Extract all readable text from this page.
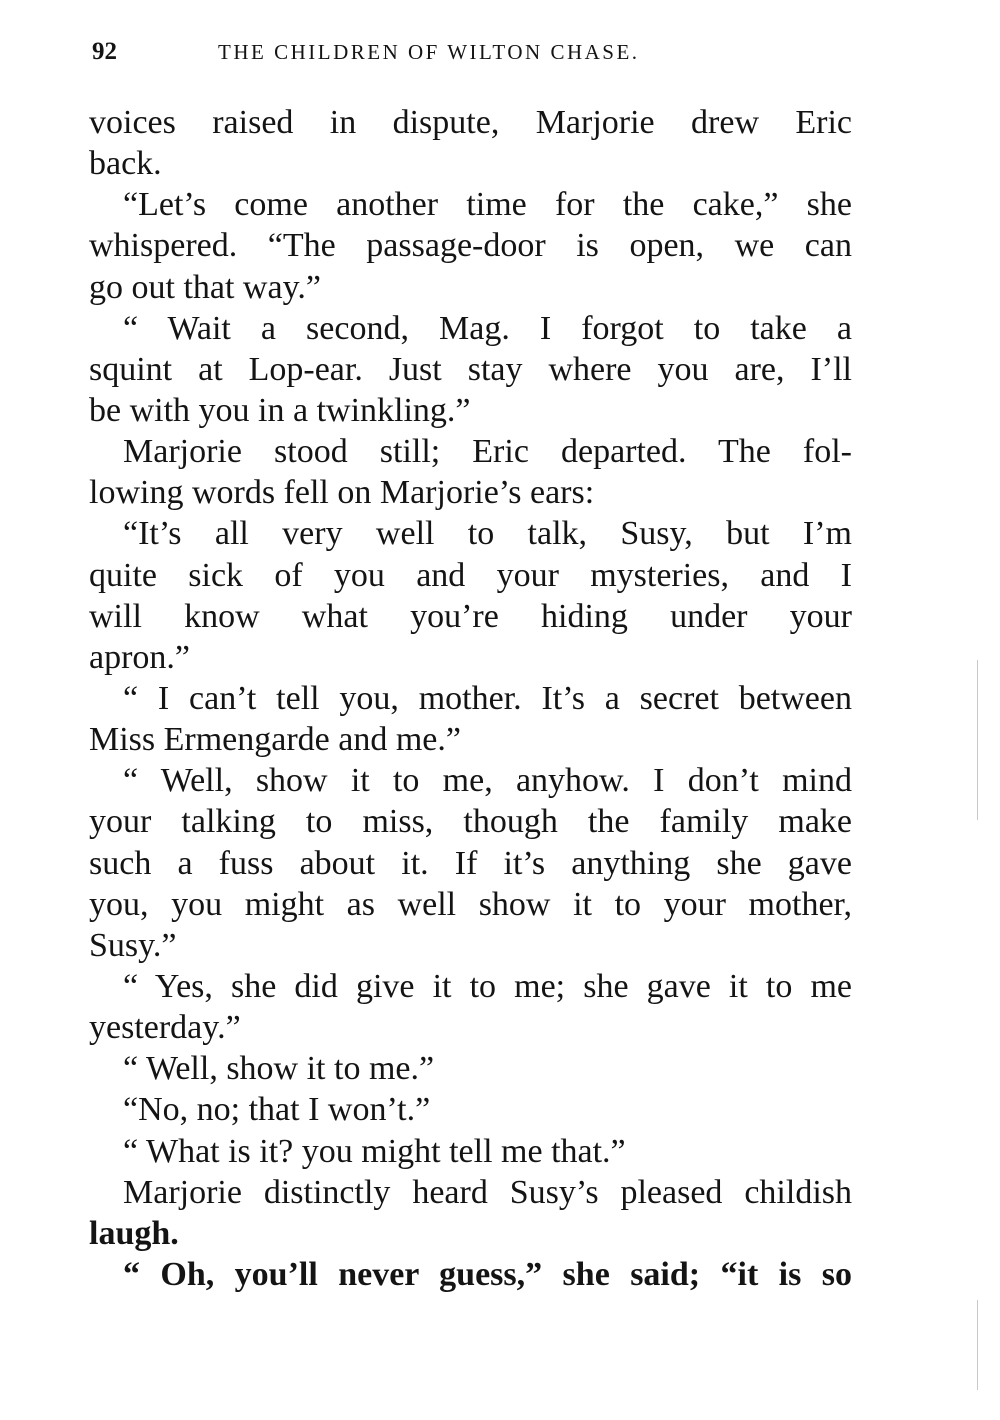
92	THE CHILDREN OF WILTON CHASE.
voices raised in dispute, Marjorie drew Eric
back.
“Let’s come another time for the cake,” she
whispered. “The passage-door is open, we can
go out that way.”
“ Wait a second, Mag. I forgot to take a
squint at Lop-ear. Just stay where you are, I’ll
be with you in a twinkling.”
Marjorie stood still; Eric departed. The fol-
lowing words fell on Marjorie’s ears:
“It’s all very well to talk, Susy, but I’m
quite sick of you and your mysteries, and I
will know what you’re hiding under your
apron.”
“ I can’t tell you, mother. It’s a secret between
Miss Ermengarde and me.”
“ Well, show it to me, anyhow. I don’t mind
your talking to miss, though the family make
such a fuss about it. If it’s anything she gave
you, you might as well show it to your mother,
Susy.”
“ Yes, she did give it to me; she gave it to me
yesterday.”
“ Well, show it to me.”
“No, no; that I won’t.”
“ What is it? you might tell me that.”
Marjorie distinctly heard Susy’s pleased childish
laugh.
“ Oh, you’ll never guess,” she said; “it is so
